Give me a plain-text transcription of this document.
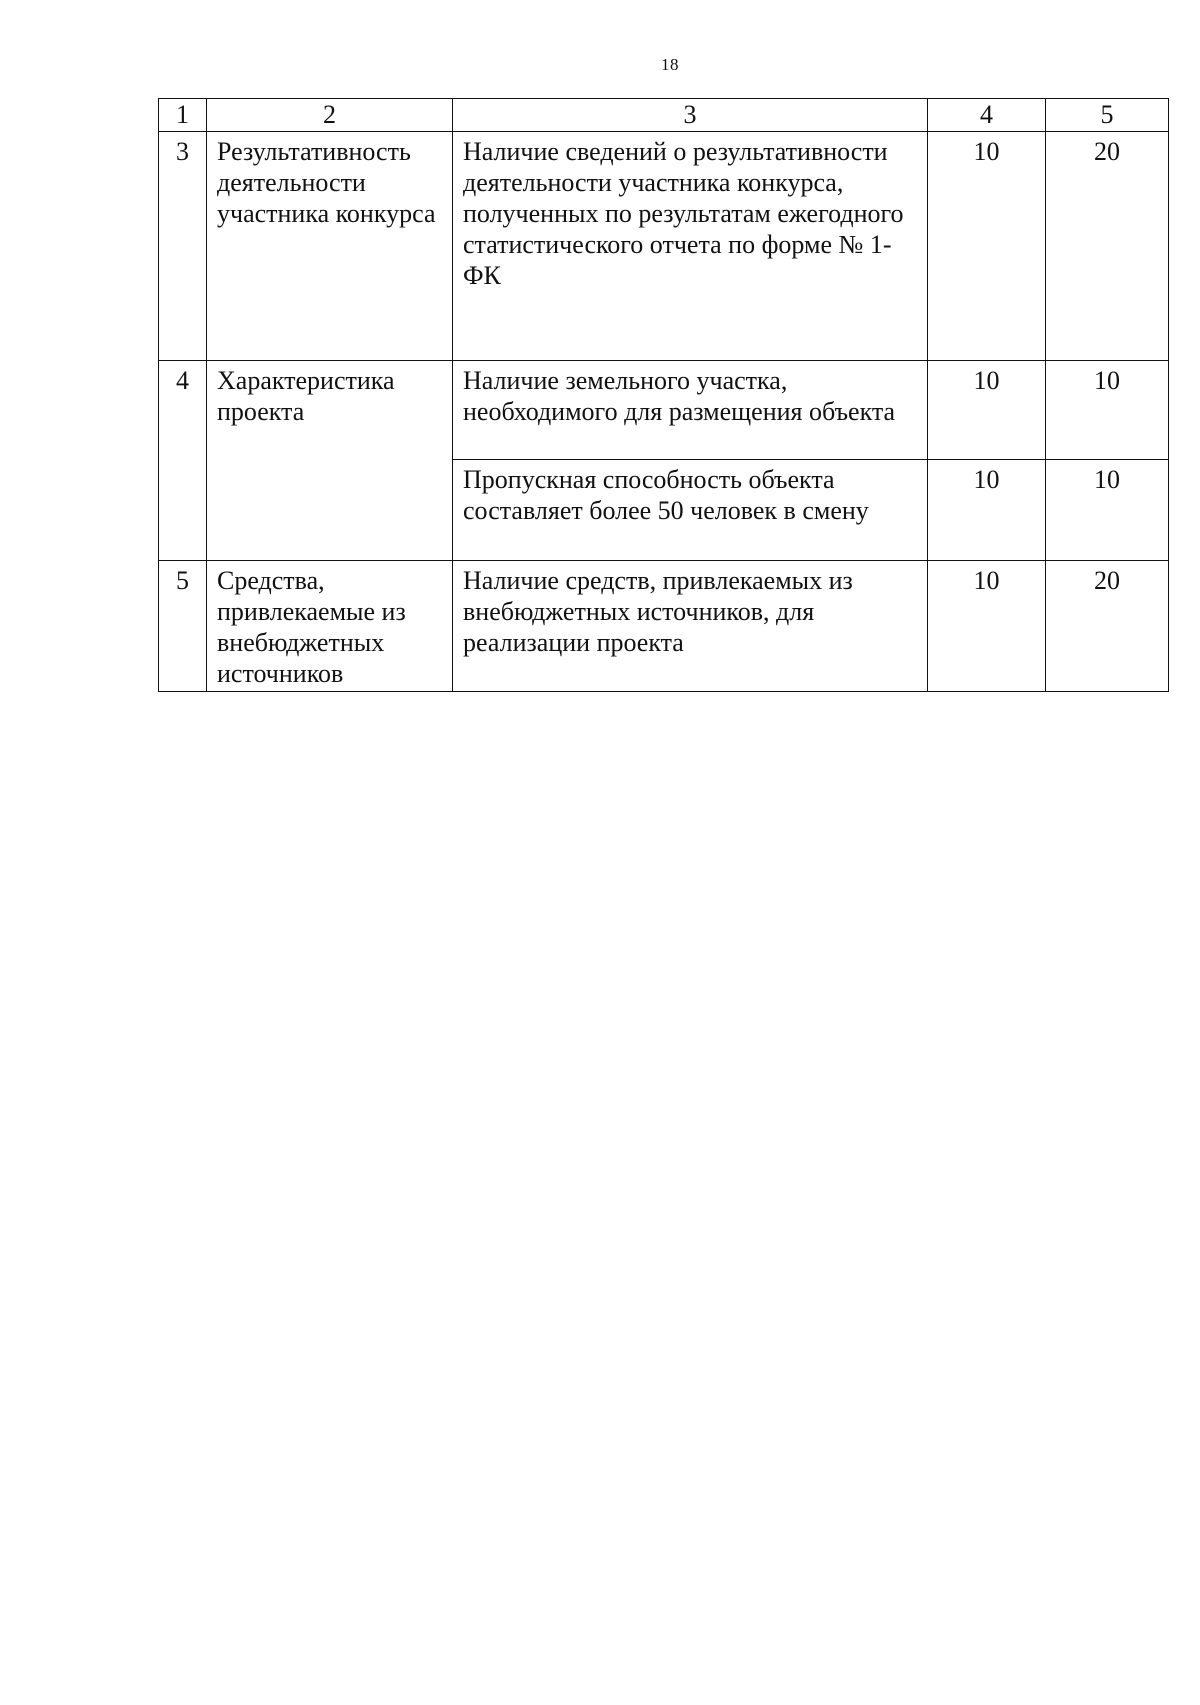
18
1	2	3	4	5
3	Результативность деятельности участника конкурса	Наличие сведений о результативности деятельности участника конкурса, полученных по результатам ежегодного статистического отчета по форме № 1-ФК	10	20
4	Характеристика проекта	Наличие земельного участка, необходимого для размещения объекта	10	10
		Пропускная способность объекта составляет более 50 человек в смену	10	10
5	Средства, привлекаемые из внебюджетных источников	Наличие средств, привлекаемых из внебюджетных источников, для реализации проекта	10	20
